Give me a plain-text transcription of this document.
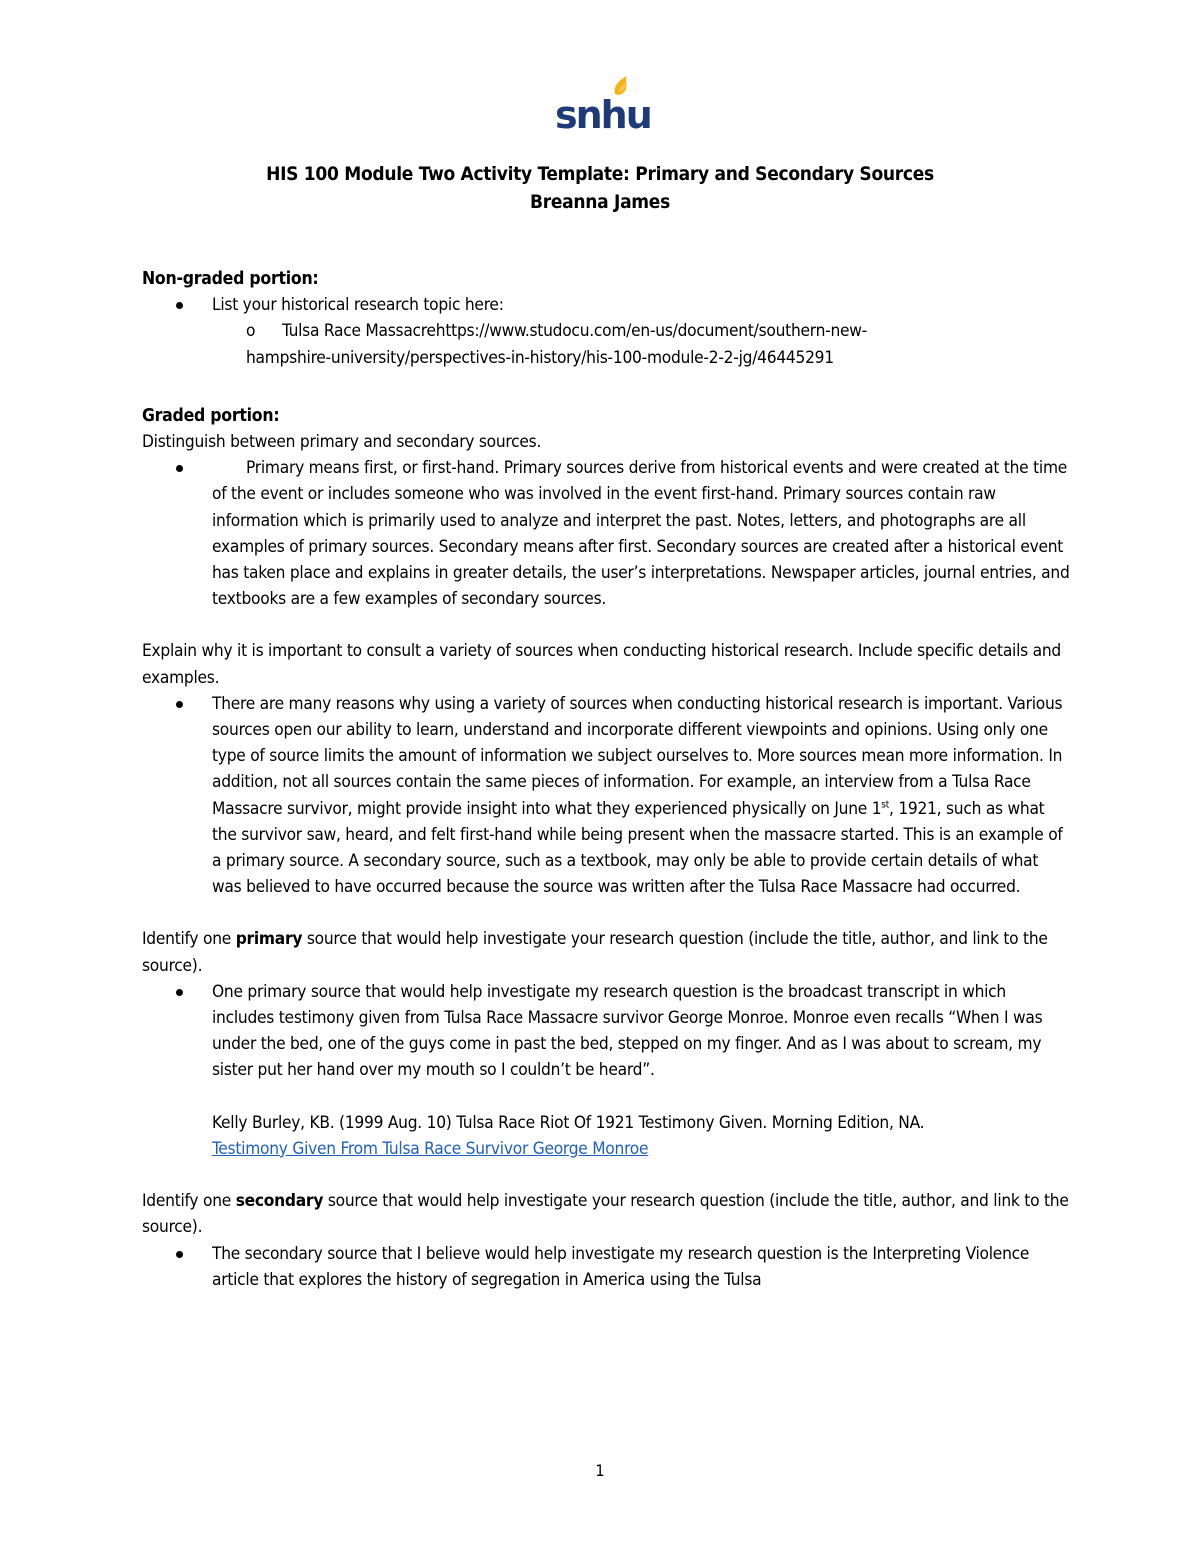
snhu
HIS 100 Module Two Activity Template: Primary and Secondary Sources
Breanna James

Non-graded portion:

List your historical research topic here:
o	Tulsa Race Massacrehttps://www.studocu.com/en-us/document/southern-new-
hampshire-university/perspectives-in-history/his-100-module-2-2-jg/46445291

Graded portion:

Distinguish between primary and secondary sources.

Primary means first, or first-hand. Primary sources derive from historical events and were created at the time of the event or includes someone who was involved in the event first-hand. Primary sources contain raw information which is primarily used to analyze and interpret the past. Notes, letters, and photographs are all examples of primary sources. Secondary means after first. Secondary sources are created after a historical event has taken place and explains in greater details, the user’s interpretations. Newspaper articles, journal entries, and textbooks are a few examples of secondary sources.

Explain why it is important to consult a variety of sources when conducting historical research. Include specific details and examples.

There are many reasons why using a variety of sources when conducting historical research is important. Various sources open our ability to learn, understand and incorporate different viewpoints and opinions. Using only one type of source limits the amount of information we subject ourselves to. More sources mean more information. In addition, not all sources contain the same pieces of information. For example, an interview from a Tulsa Race Massacre survivor, might provide insight into what they experienced physically on June 1st, 1921, such as what the survivor saw, heard, and felt first-hand while being present when the massacre started. This is an example of a primary source. A secondary source, such as a textbook, may only be able to provide certain details of what was believed to have occurred because the source was written after the Tulsa Race Massacre had occurred.

Identify one primary source that would help investigate your research question (include the title, author, and link to the source).

One primary source that would help investigate my research question is the broadcast transcript in which includes testimony given from Tulsa Race Massacre survivor George Monroe. Monroe even recalls “When I was under the bed, one of the guys come in past the bed, stepped on my finger. And as I was about to scream, my sister put her hand over my mouth so I couldn’t be heard”.
Kelly Burley, KB. (1999 Aug. 10) Tulsa Race Riot Of 1921 Testimony Given. Morning Edition, NA.
Testimony Given From Tulsa Race Survivor George Monroe

Identify one secondary source that would help investigate your research question (include the title, author, and link to the source).

The secondary source that I believe would help investigate my research question is the Interpreting Violence article that explores the history of segregation in America using the Tulsa
1
